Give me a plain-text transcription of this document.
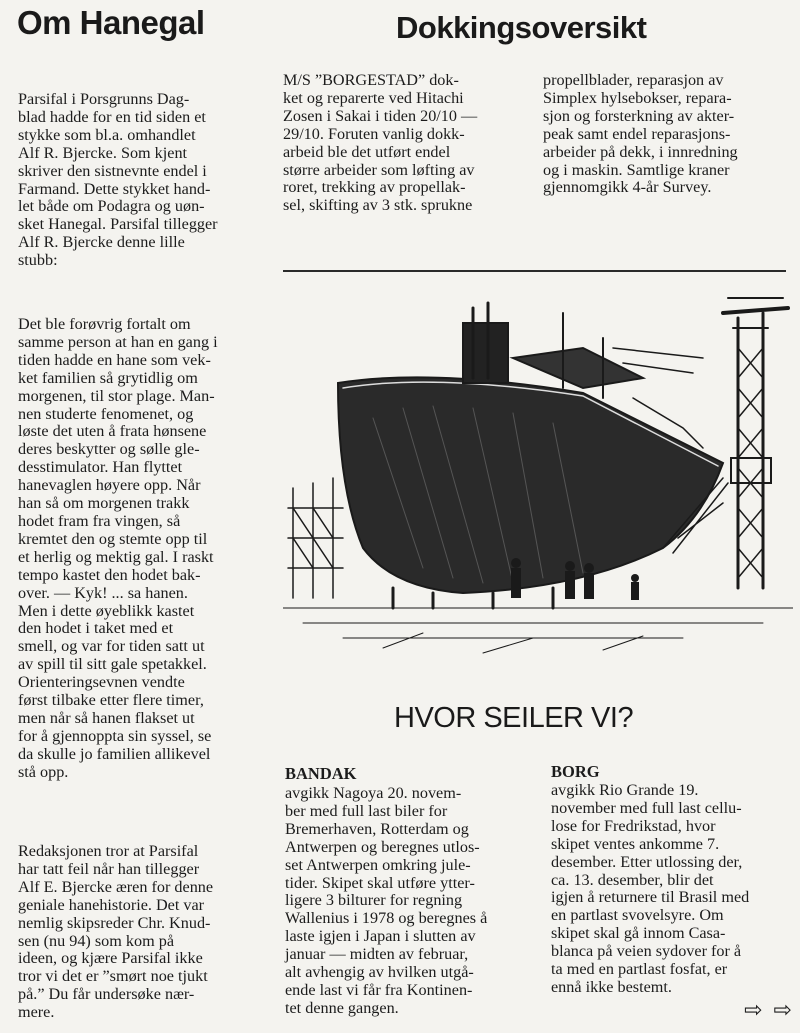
Om Hanegal

Parsifal i Porsgrunns Dag-
blad hadde for en tid siden et
stykke som bl.a. omhandlet
Alf R. Bjercke. Som kjent
skriver den sistnevnte endel i
Farmand. Dette stykket hand-
let både om Podagra og uøn-
sket Hanegal. Parsifal tillegger
Alf R. Bjercke denne lille
stubb:

Det ble forøvrig fortalt om
samme person at han en gang i
tiden hadde en hane som vek-
ket familien så grytidlig om
morgenen, til stor plage. Man-
nen studerte fenomenet, og
løste det uten å frata hønsene
deres beskytter og sølle gle-
desstimulator. Han flyttet
hanevaglen høyere opp. Når
han så om morgenen trakk
hodet fram fra vingen, så
kremtet den og stemte opp til
et herlig og mektig gal. I raskt
tempo kastet den hodet bak-
over. — Kyk! ... sa hanen.
Men i dette øyeblikk kastet
den hodet i taket med et
smell, og var for tiden satt ut
av spill til sitt gale spetakkel.
Orienteringsevnen vendte
først tilbake etter flere timer,
men når så hanen flakset ut
for å gjennoppta sin syssel, se
da skulle jo familien allikevel
stå opp.

Redaksjonen tror at Parsifal
har tatt feil når han tillegger
Alf E. Bjercke æren for denne
geniale hanehistorie. Det var
nemlig skipsreder Chr. Knud-
sen (nu 94) som kom på
ideen, og kjære Parsifal ikke
tror vi det er ”smørt noe tjukt
på.” Du får undersøke nær-
mere.

Dokkingsoversikt

M/S ”BORGESTAD” dok-
ket og reparerte ved Hitachi
Zosen i Sakai i tiden 20/10 —
29/10. Foruten vanlig dokk-
arbeid ble det utført endel
større arbeider som løfting av
roret, trekking av propellak-
sel, skifting av 3 stk. sprukne

propellblader, reparasjon av
Simplex hylsebokser, repara-
sjon og forsterkning av akter-
peak samt endel reparasjons-
arbeider på dekk, i innredning
og i maskin. Samtlige kraner
gjennomgikk 4-år Survey.

HVOR SEILER VI?
BANDAK

avgikk Nagoya 20. novem-
ber med full last biler for
Bremerhaven, Rotterdam og
Antwerpen og beregnes utlos-
set Antwerpen omkring jule-
tider. Skipet skal utføre ytter-
ligere 3 bilturer for regning
Wallenius i 1978 og beregnes å
laste igjen i Japan i slutten av
januar — midten av februar,
alt avhengig av hvilken utgå-
ende last vi får fra Kontinen-
tet denne gangen.

BORG

avgikk Rio Grande 19.
november med full last cellu-
lose for Fredrikstad, hvor
skipet ventes ankomme 7.
desember. Etter utlossing der,
ca. 13. desember, blir det
igjen å returnere til Brasil med
en partlast svovelsyre. Om
skipet skal gå innom Casa-
blanca på veien sydover for å
ta med en partlast fosfat, er
ennå ikke bestemt.

⇨ ⇨
